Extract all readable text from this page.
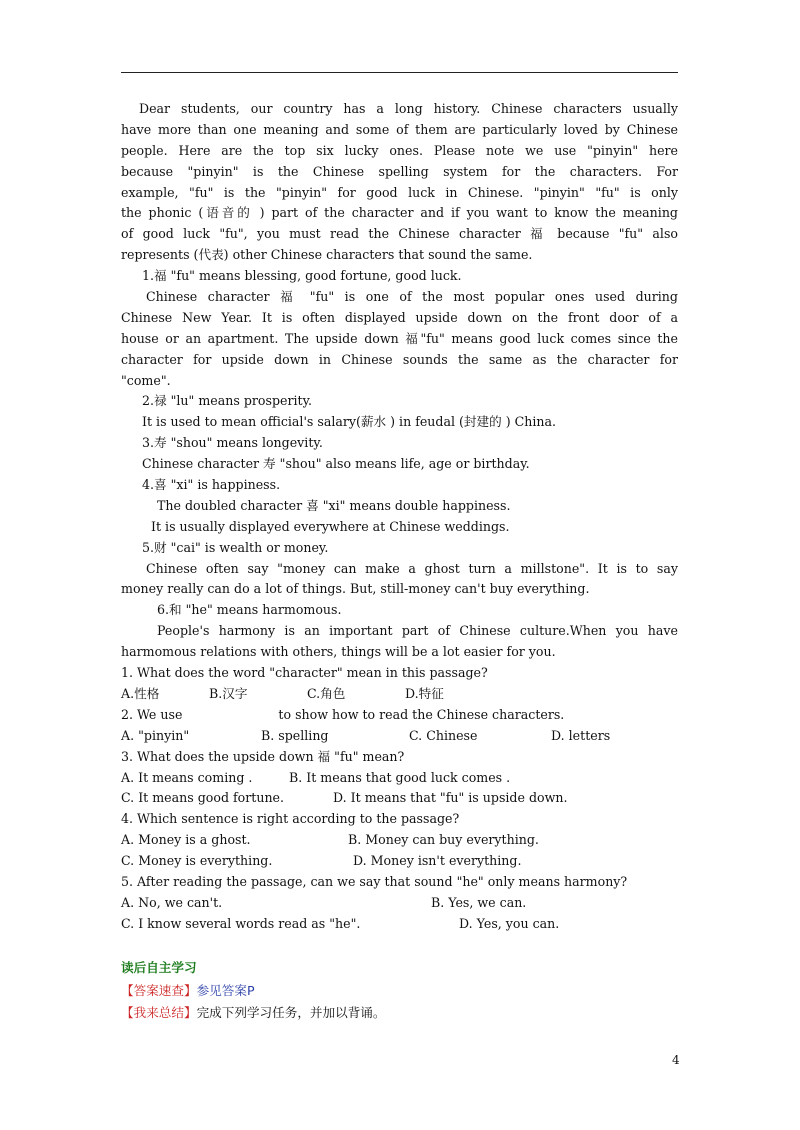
Dear students, our country has a long history. Chinese characters usually
have more than one meaning and some of them are particularly loved by Chinese
people. Here are the top six lucky ones. Please note we use "pinyin" here
because "pinyin" is the Chinese spelling system for the characters. For
example, "fu" is the "pinyin" for good luck in Chinese. "pinyin" "fu" is only
the phonic (语音的 ) part of the character and if you want to know the meaning
of good luck "fu", you must read the Chinese character 福 because "fu" also
represents (代表) other Chinese characters that sound the same.
1.福 "fu" means blessing, good fortune, good luck.
Chinese character 福 "fu" is one of the most popular ones used during
Chinese New Year. It is often displayed upside down on the front door of a
house or an apartment. The upside down 福"fu" means good luck comes since the
character for upside down in Chinese sounds the same as the character for
"come".
2.禄 "lu" means prosperity.
It is used to mean official's salary(薪水 ) in feudal (封建的 ) China.
3.寿 "shou" means longevity.
Chinese character 寿 "shou" also means life, age or birthday.
4.喜 "xi" is happiness.
The doubled character 喜 "xi" means double happiness.
It is usually displayed everywhere at Chinese weddings.
5.财 "cai" is wealth or money.
Chinese often say "money can make a ghost turn a millstone". It is to say
money really can do a lot of things. But, still-money can't buy everything.
6.和 "he" means harmomous.
People's harmony is an important part of Chinese culture.When you have
harmomous relations with others, things will be a lot easier for you.
1. What does the word "character" mean in this passage?
A.性格	B.汉字	C.角色	D.特征
2. We use	to show how to read the Chinese characters.
A. "pinyin"	B. spelling	C. Chinese	D. letters
3. What does the upside down 福 "fu" mean?
A. It means coming .	B. It means that good luck comes .
C. It means good fortune.	D. It means that "fu" is upside down.
4. Which sentence is right according to the passage?
A. Money is a ghost.	B. Money can buy everything.
C. Money is everything.	D. Money isn't everything.
5. After reading the passage, can we say that sound "he" only means harmony?
A. No, we can't.	B. Yes, we can.
C. I know several words read as "he".	D. Yes, you can.
读后自主学习
【答案速查】参见答案P
【我来总结】完成下列学习任务，并加以背诵。
4
